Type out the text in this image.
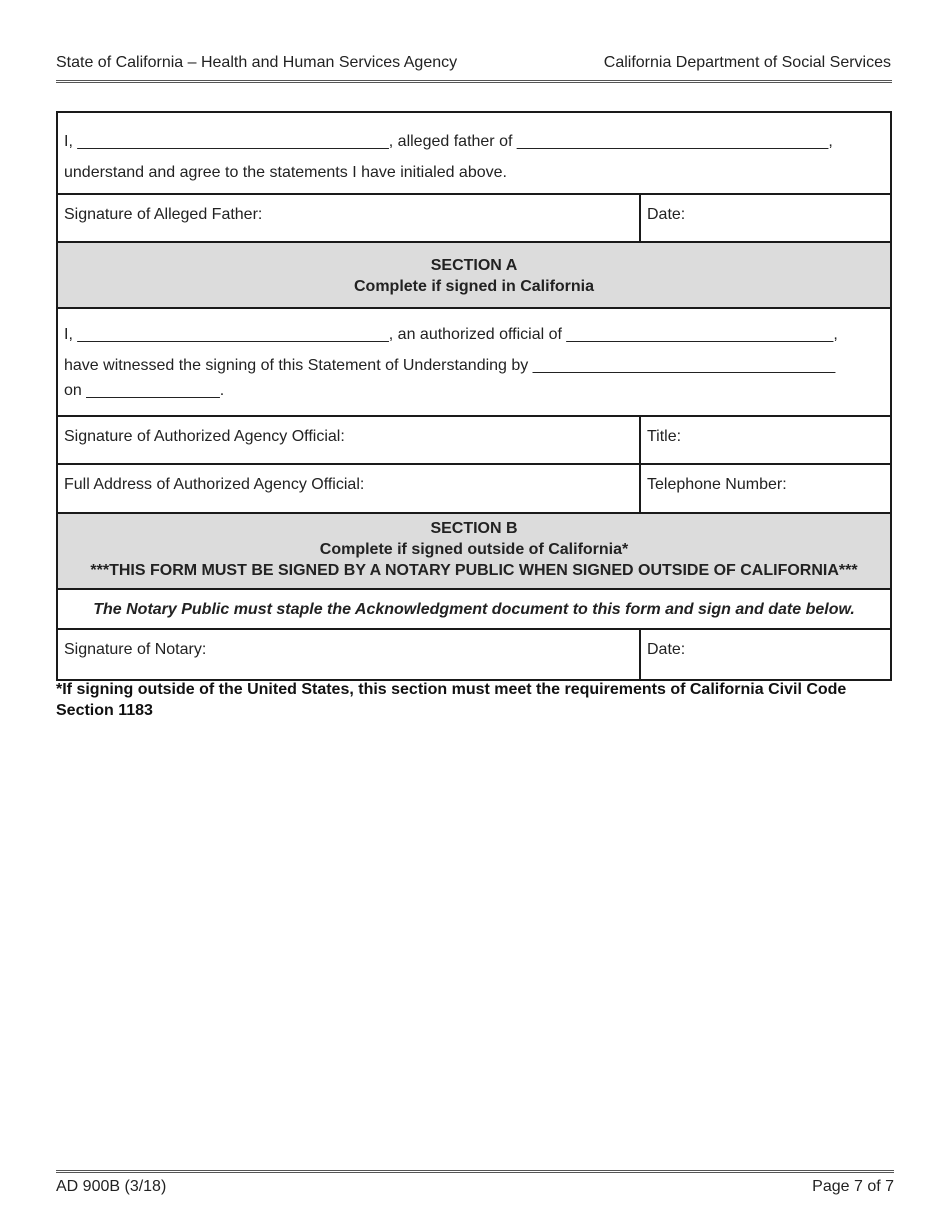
State of California – Health and Human Services Agency	California Department of Social Services
I, ___________________________________, alleged father of ___________________________________,
understand and agree to the statements I have initialed above.
Signature of Alleged Father:	Date:
SECTION A
Complete if signed in California
I, ___________________________________, an authorized official of ______________________________,
have witnessed the signing of this Statement of Understanding by __________________________________
on _______________.
Signature of Authorized Agency Official:	Title:
Full Address of Authorized Agency Official:	Telephone Number:
SECTION B
Complete if signed outside of California*
***THIS FORM MUST BE SIGNED BY A NOTARY PUBLIC WHEN SIGNED OUTSIDE OF CALIFORNIA***
The Notary Public must staple the Acknowledgment document to this form and sign and date below.
Signature of Notary:	Date:
*If signing outside of the United States, this section must meet the requirements of California Civil Code Section 1183
AD 900B (3/18)	Page 7 of 7
